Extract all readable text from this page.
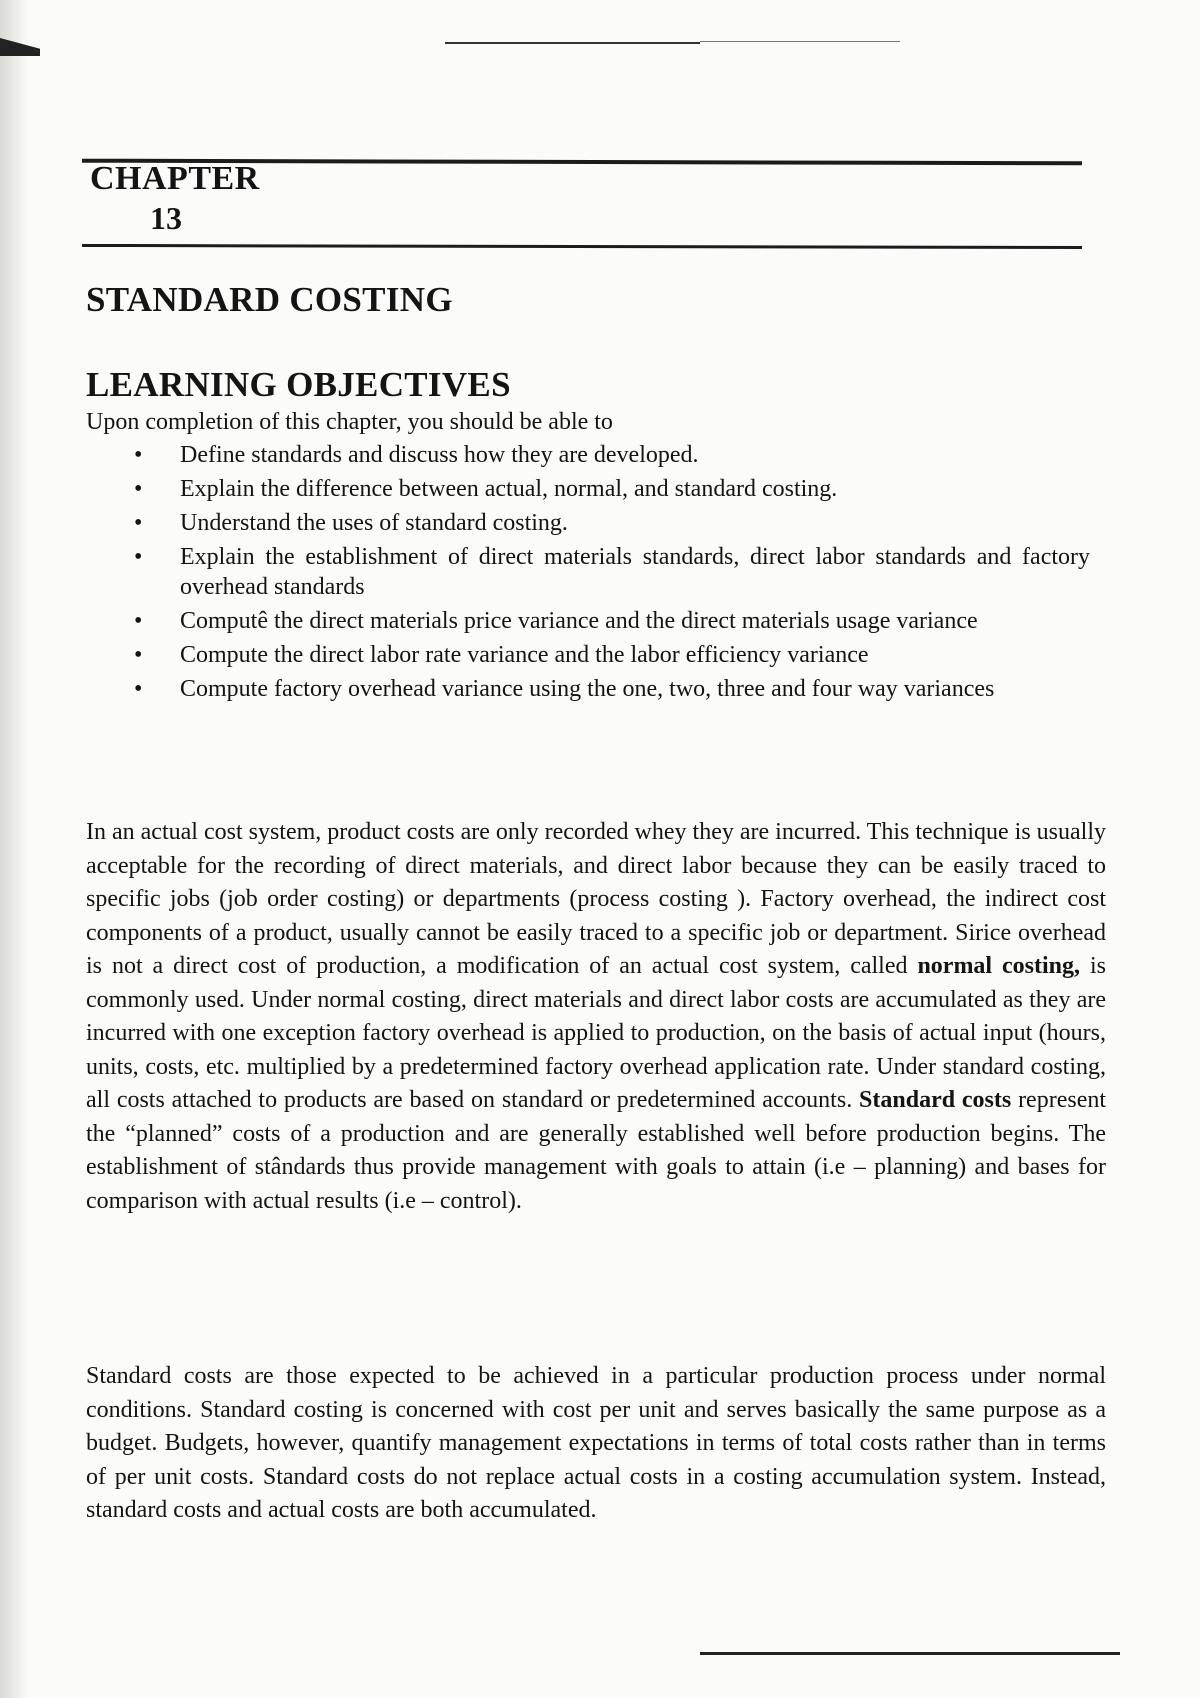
CHAPTER
13
STANDARD COSTING
LEARNING OBJECTIVES
Upon completion of this chapter, you should be able to
• Define standards and discuss how they are developed.
• Explain the difference between actual, normal, and standard costing.
• Understand the uses of standard costing.
• Explain the establishment of direct materials standards, direct labor standards and factory overhead standards
• Computê the direct materials price variance and the direct materials usage variance
• Compute the direct labor rate variance and the labor efficiency variance
• Compute factory overhead variance using the one, two, three and four way variances

In an actual cost system, product costs are only recorded whey they are incurred. This technique is usually acceptable for the recording of direct materials, and direct labor because they can be easily traced to specific jobs (job order costing) or departments (process costing ). Factory overhead, the indirect cost components of a product, usually cannot be easily traced to a specific job or department. Sirice overhead is not a direct cost of production, a modification of an actual cost system, called normal costing, is commonly used. Under normal costing, direct materials and direct labor costs are accumulated as they are incurred with one exception factory overhead is applied to production, on the basis of actual input (hours, units, costs, etc. multiplied by a predetermined factory overhead application rate. Under standard costing, all costs attached to products are based on standard or predetermined accounts. Standard costs represent the “planned” costs of a production and are generally established well before production begins. The establishment of stândards thus provide management with goals to attain (i.e – planning) and bases for comparison with actual results (i.e – control).

Standard costs are those expected to be achieved in a particular production process under normal conditions. Standard costing is concerned with cost per unit and serves basically the same purpose as a budget. Budgets, however, quantify management expectations in terms of total costs rather than in terms of per unit costs. Standard costs do not replace actual costs in a costing accumulation system. Instead, standard costs and actual costs are both accumulated.
